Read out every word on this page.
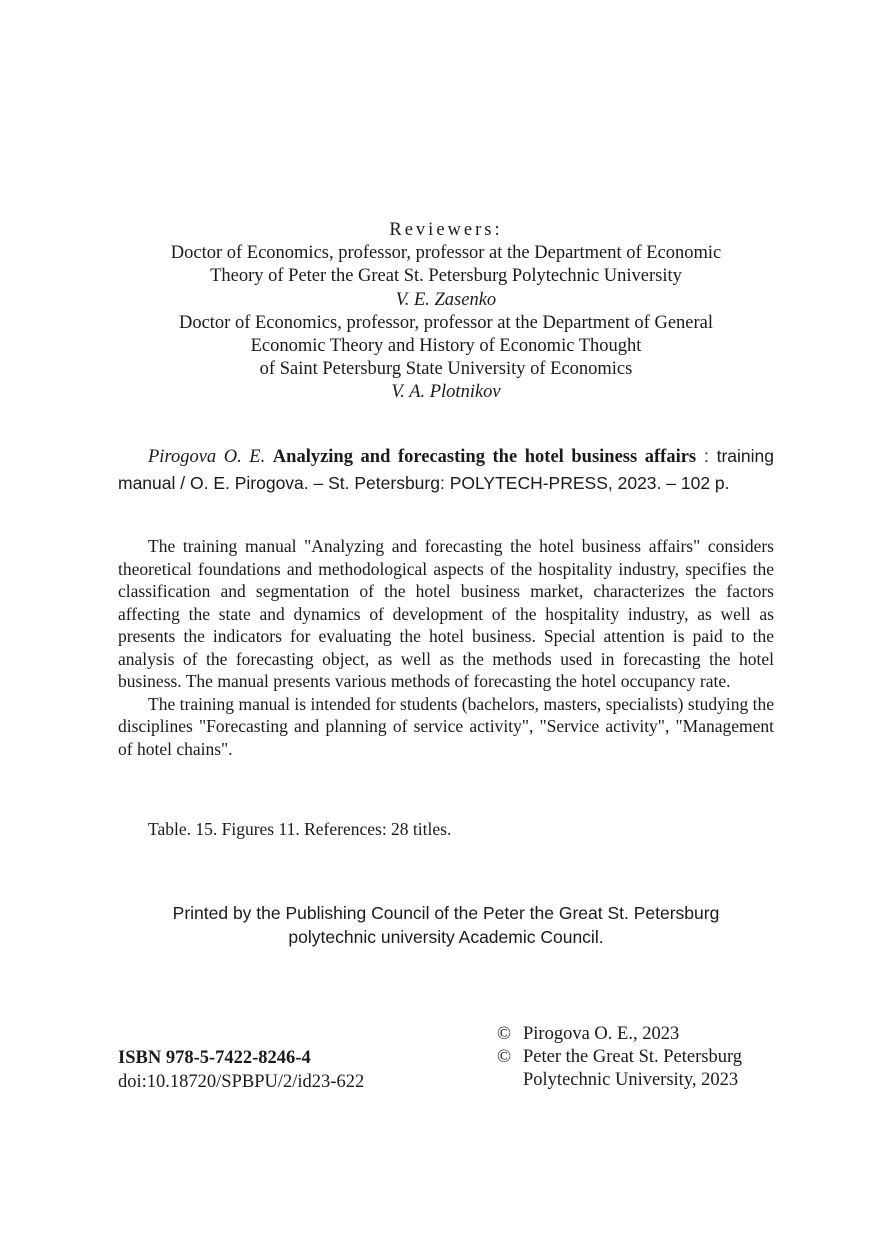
Reviewers:
Doctor of Economics, professor, professor at the Department of Economic
Theory of Peter the Great St. Petersburg Polytechnic University
V. E. Zasenko
Doctor of Economics, professor, professor at the Department of General
Economic Theory and History of Economic Thought
of Saint Petersburg State University of Economics
V. A. Plotnikov
Pirogova O. E. Analyzing and forecasting the hotel business affairs : training manual / O. E. Pirogova. – St. Petersburg: POLYTECH-PRESS, 2023. – 102 p.

The training manual "Analyzing and forecasting the hotel business affairs" considers theoretical foundations and methodological aspects of the hospitality industry, specifies the classification and segmentation of the hotel business market, characterizes the factors affecting the state and dynamics of development of the hospitality industry, as well as presents the indicators for evaluating the hotel business. Special attention is paid to the analysis of the forecasting object, as well as the methods used in forecasting the hotel business. The manual presents various methods of forecasting the hotel occupancy rate.

The training manual is intended for students (bachelors, masters, specialists) studying the disciplines "Forecasting and planning of service activity", "Service activity", "Management of hotel chains".

Table. 15. Figures 11. References: 28 titles.
Printed by the Publishing Council of the Peter the Great St. Petersburg
polytechnic university Academic Council.
ISBN 978-5-7422-8246-4
doi:10.18720/SPBPU/2/id23-622
© Pirogova O. E., 2023
© Peter the Great St. Petersburg
Polytechnic University, 2023
